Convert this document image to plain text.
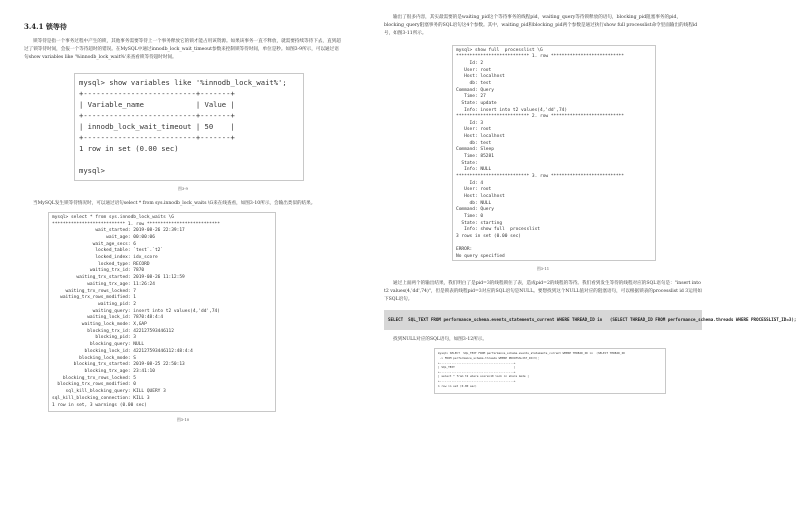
3.4.1 锁等待

锁等待是指一个事务过程中产生的锁，其他事务需要等待上一个事务释放它的锁才能占用该资源。如果该事务一直不释放，就需要持续等待下去，直到超过了锁等待时间，会报一个等待超时的错误。在MySQL中通过innodb_lock_wait_timeout参数来控制锁等待时间，单位是秒。如图3-9所示，可以通过语句show variables like '%innodb_lock_wait%'来查看锁等待超时时间。

mysql> show variables like '%innodb_lock_wait%';
+--------------------------+-------+
| Variable_name            | Value |
+--------------------------+-------+
| innodb_lock_wait_timeout | 50    |
+--------------------------+-------+
1 row in set (0.00 sec)

mysql>
图3-9

当MySQL发生锁等待情况时，可以通过语句select * from sys.innodb_lock_waits \G来在线查看，如图3-10所示，会输出类似的结果。

mysql> select * from sys.innodb_lock_waits \G
*************************** 1. row ***************************
wait_started: 2019-08-26 22:39:17
wait_age: 00:00:06
wait_age_secs: 6
locked_table: `test`.`t2`
locked_index: idx_score
locked_type: RECORD
waiting_trx_id: 7870
waiting_trx_started: 2019-08-26 11:12:59
waiting_trx_age: 11:26:24
waiting_trx_rows_locked: 7
waiting_trx_rows_modified: 1
waiting_pid: 2
waiting_query: insert into t2 values(4,'dd',74)
waiting_lock_id: 7870:48:4:4
waiting_lock_mode: X,GAP
blocking_trx_id: 422127593446112
blocking_pid: 3
blocking_query: NULL
blocking_lock_id: 422127593446112:48:4:4
blocking_lock_mode: S
blocking_trx_started: 2019-08-25 22:50:13
blocking_trx_age: 23:41:10
blocking_trx_rows_locked: 5
blocking_trx_rows_modified: 0
sql_kill_blocking_query: KILL QUERY 3
sql_kill_blocking_connection: KILL 3
1 row in set, 3 warnings (0.00 sec)
图3-10

输出了很多内容，其实最需要的是waiting_pid这个等待事务的线程pid，waiting_query等待锁释放的语句，blocking_pid阻塞事务的pid，blocking_query阻塞事务的SQL语句这4个参数。其中，waiting_pid和blocking_pid两个参数是通过执行show full processlist命令里面输出的线程id号，如图3-11所示。

mysql> show full  processlist \G
*************************** 1. row ***************************
Id: 2
User: root
Host: localhost
db: test
Command: Query
Time: 27
State: update
Info: insert into t2 values(4,'dd',74)
*************************** 2. row ***************************
Id: 3
User: root
Host: localhost
db: test
Command: Sleep
Time: 85281
State:
Info: NULL
*************************** 3. row ***************************
Id: 4
User: root
Host: localhost
db: NULL
Command: Query
Time: 0
State: starting
Info: show full  processlist
3 rows in set (0.00 sec)

ERROR:
No query specified
图3-11

通过上面两个的输出结果，我们明白了是pid=3的线程锁住了表，造成pid=2的线程的等待。我们看到发生等待的线程对应的SQL语句是："insert into t2 values(4,'dd',74)"，但是锁表的线程pid=3对应的SQL语句是NULL。要想找到这个NULL值对应的阻塞语句，可以根据锁表的processlist id 3运用如下SQL语句。

SELECT  SQL_TEXT FROM performance_schema.events_statements_current WHERE THREAD_ID in   (SELECT THREAD_ID FROM performance_schema.threads WHERE PROCESSLIST_ID=3);

找到NULL对应的SQL语句，如图3-12所示。

mysql> SELECT  SQL_TEXT FROM performance_schema.events_statements_current WHERE THREAD_ID in  (SELECT THREAD_ID
-> FROM performance_schema.threads WHERE PROCESSLIST_ID=3);
+--------------------------------------------+
| SQL_TEXT                                   |
+--------------------------------------------+
| select * from t2 where score>10 lock in share mode |
+--------------------------------------------+
1 row in set (0.00 sec)
